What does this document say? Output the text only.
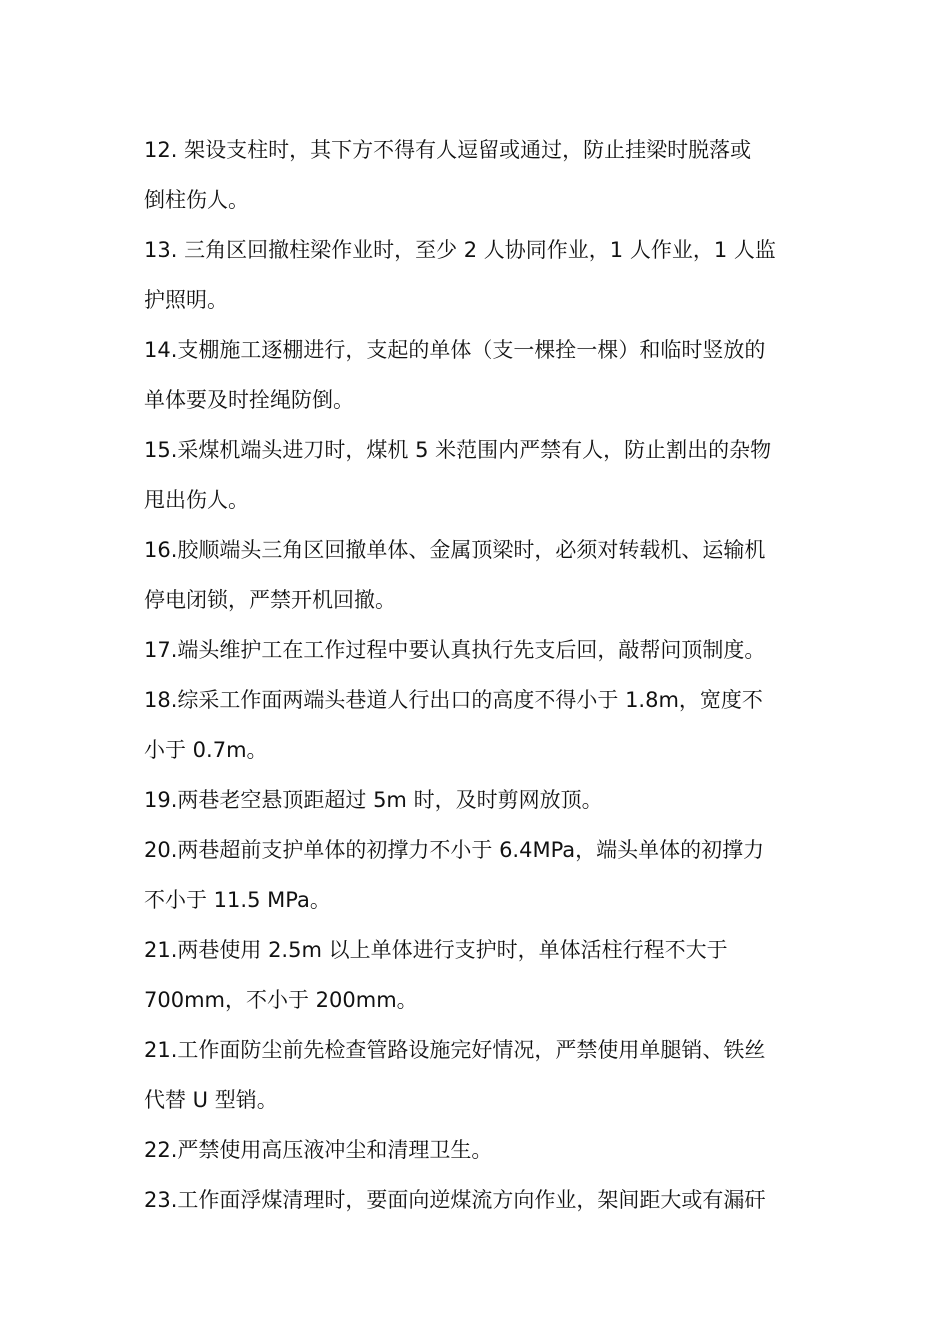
12. 架设支柱时，其下方不得有人逗留或通过，防止挂梁时脱落或
倒柱伤人。
13. 三角区回撤柱梁作业时，至少 2 人协同作业，1 人作业，1 人监
护照明。
14.支棚施工逐棚进行，支起的单体（支一棵拴一棵）和临时竖放的
单体要及时拴绳防倒。
15.采煤机端头进刀时，煤机 5 米范围内严禁有人，防止割出的杂物
甩出伤人。
16.胶顺端头三角区回撤单体、金属顶梁时，必须对转载机、运输机
停电闭锁，严禁开机回撤。
17.端头维护工在工作过程中要认真执行先支后回，敲帮问顶制度。
18.综采工作面两端头巷道人行出口的高度不得小于 1.8m，宽度不
小于 0.7m。
19.两巷老空悬顶距超过 5m 时，及时剪网放顶。
20.两巷超前支护单体的初撑力不小于 6.4MPa，端头单体的初撑力
不小于 11.5 MPa。
21.两巷使用 2.5m 以上单体进行支护时，单体活柱行程不大于
700mm，不小于 200mm。
21.工作面防尘前先检查管路设施完好情况，严禁使用单腿销、铁丝
代替 U 型销。
22.严禁使用高压液冲尘和清理卫生。
23.工作面浮煤清理时，要面向逆煤流方向作业，架间距大或有漏矸
